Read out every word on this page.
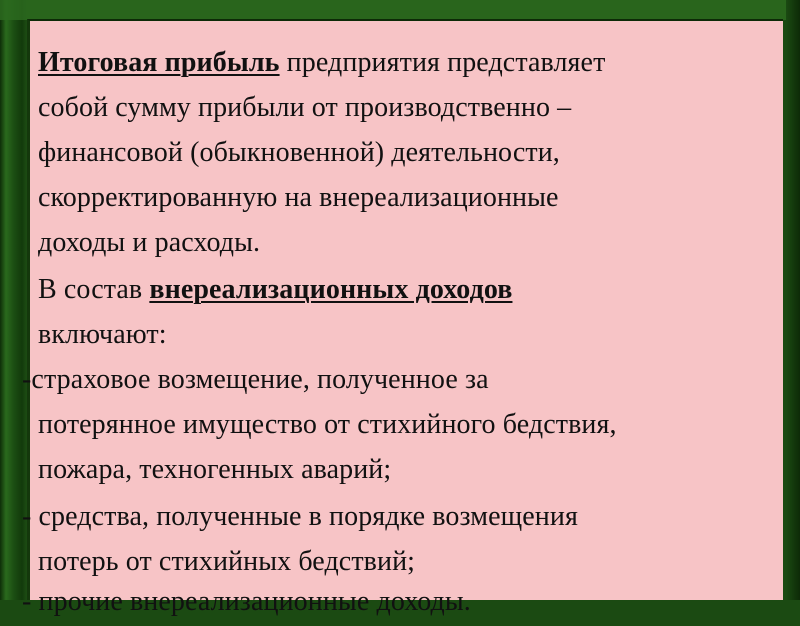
Итоговая прибыль предприятия представляет

собой сумму прибыли от производственно –

финансовой (обыкновенной) деятельности,

скорректированную на внереализационные

доходы и расходы.

В состав внереализационных доходов

включают:

-страховое возмещение, полученное за

потерянное имущество от стихийного бедствия,

пожара, техногенных аварий;

- средства, полученные в порядке возмещения

потерь от стихийных бедствий;

- прочие внереализационные доходы.
